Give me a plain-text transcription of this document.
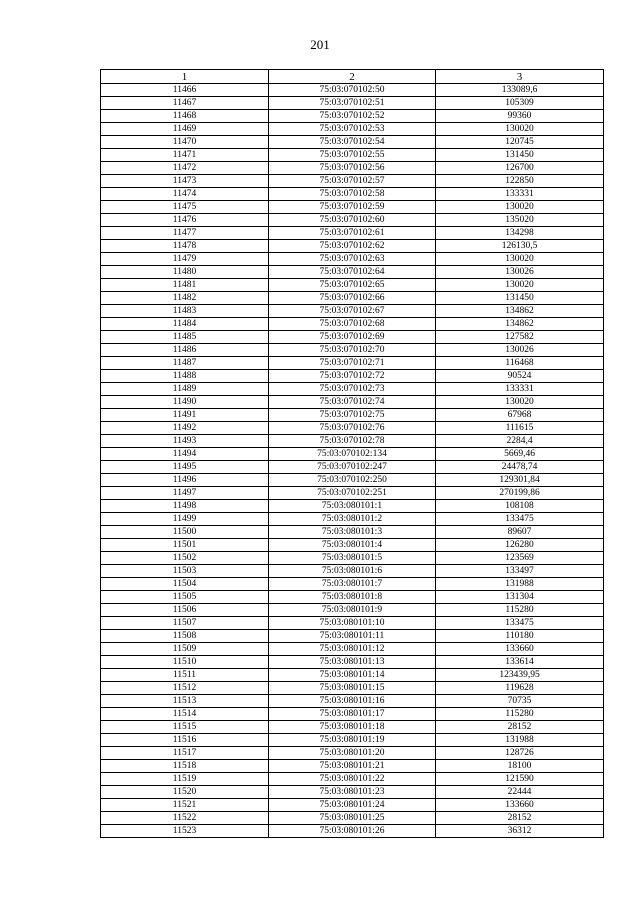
201
1	2	3
11466	75:03:070102:50	133089,6
11467	75:03:070102:51	105309
11468	75:03:070102:52	99360
11469	75:03:070102:53	130020
11470	75:03:070102:54	120745
11471	75:03:070102:55	131450
11472	75:03:070102:56	126700
11473	75:03:070102:57	122850
11474	75:03:070102:58	133331
11475	75:03:070102:59	130020
11476	75:03:070102:60	135020
11477	75:03:070102:61	134298
11478	75:03:070102:62	126130,5
11479	75:03:070102:63	130020
11480	75:03:070102:64	130026
11481	75:03:070102:65	130020
11482	75:03:070102:66	131450
11483	75:03:070102:67	134862
11484	75:03:070102:68	134862
11485	75:03:070102:69	127582
11486	75:03:070102:70	130026
11487	75:03:070102:71	116468
11488	75:03:070102:72	90524
11489	75:03:070102:73	133331
11490	75:03:070102:74	130020
11491	75:03:070102:75	67968
11492	75:03:070102:76	111615
11493	75:03:070102:78	2284,4
11494	75:03:070102:134	5669,46
11495	75:03:070102:247	24478,74
11496	75:03:070102:250	129301,84
11497	75:03:070102:251	270199,86
11498	75:03:080101:1	108108
11499	75:03:080101:2	133475
11500	75:03:080101:3	89607
11501	75:03:080101:4	126280
11502	75:03:080101:5	123569
11503	75:03:080101:6	133497
11504	75:03:080101:7	131988
11505	75:03:080101:8	131304
11506	75:03:080101:9	115280
11507	75:03:080101:10	133475
11508	75:03:080101:11	110180
11509	75:03:080101:12	133660
11510	75:03:080101:13	133614
11511	75:03:080101:14	123439,95
11512	75:03:080101:15	119628
11513	75:03:080101:16	70735
11514	75:03:080101:17	115280
11515	75:03:080101:18	28152
11516	75:03:080101:19	131988
11517	75:03:080101:20	128726
11518	75:03:080101:21	18100
11519	75:03:080101:22	121590
11520	75:03:080101:23	22444
11521	75:03:080101:24	133660
11522	75:03:080101:25	28152
11523	75:03:080101:26	36312
